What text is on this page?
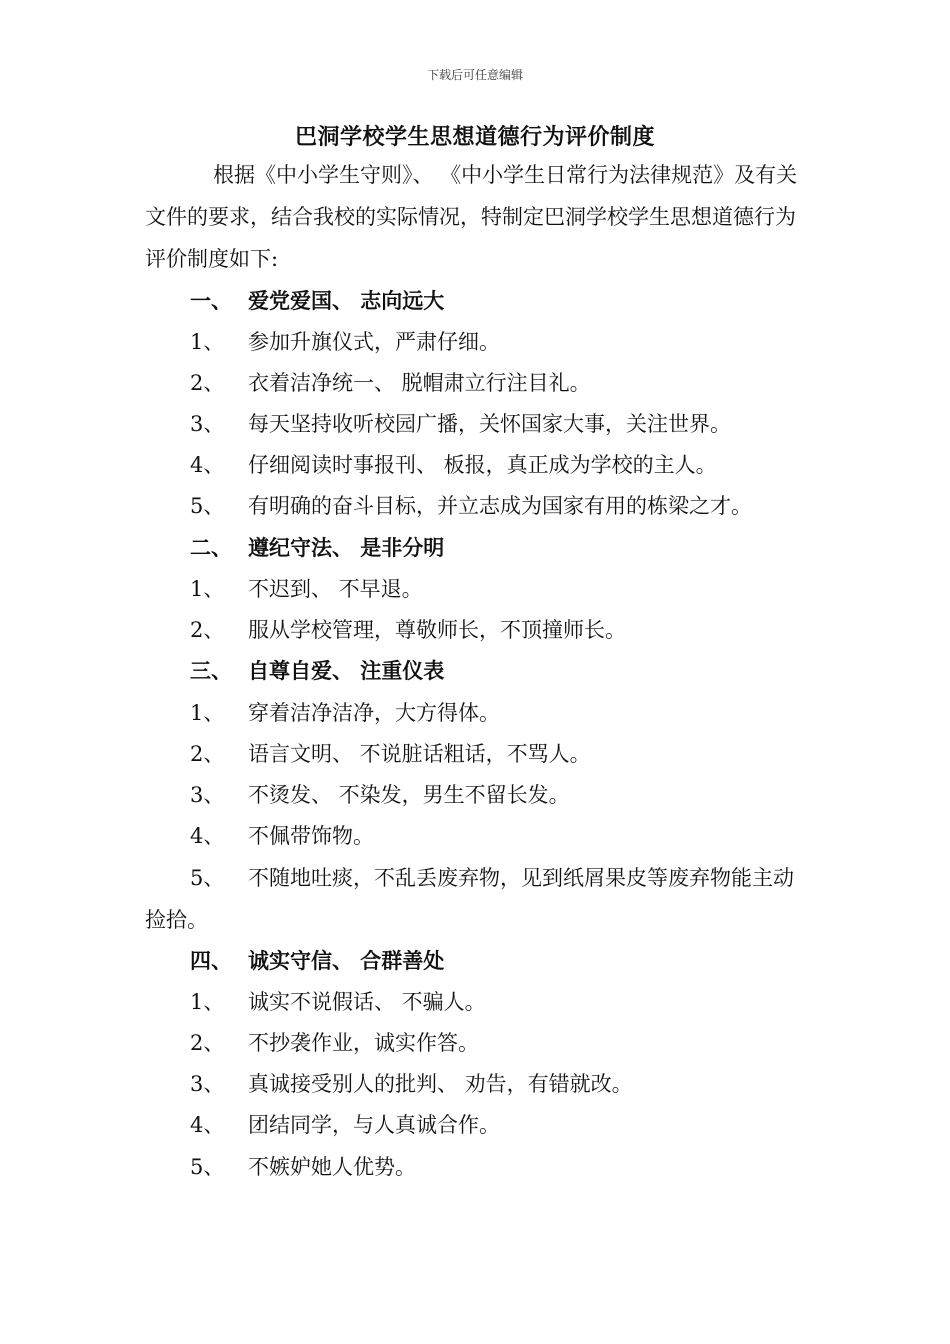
下载后可任意编辑
巴洞学校学生思想道德行为评价制度

根据《中小学生守则》、 《中小学生日常行为法律规范》及有关文件的要求，结合我校的实际情况，特制定巴洞学校学生思想道德行为评价制度如下:

一、 爱党爱国、 志向远大
1、 参加升旗仪式，严肃仔细。
2、 衣着洁净统一、 脱帽肃立行注目礼。
3、 每天坚持收听校园广播，关怀国家大事，关注世界。
4、 仔细阅读时事报刊、 板报，真正成为学校的主人。
5、 有明确的奋斗目标，并立志成为国家有用的栋梁之才。
二、 遵纪守法、 是非分明
1、 不迟到、 不早退。
2、 服从学校管理，尊敬师长，不顶撞师长。
三、 自尊自爱、 注重仪表
1、 穿着洁净洁净，大方得体。
2、 语言文明、 不说脏话粗话，不骂人。
3、 不烫发、 不染发，男生不留长发。
4、 不佩带饰物。
5、 不随地吐痰，不乱丢废弃物，见到纸屑果皮等废弃物能主动捡拾。
四、 诚实守信、 合群善处
1、 诚实不说假话、 不骗人。
2、 不抄袭作业，诚实作答。
3、 真诚接受别人的批判、 劝告，有错就改。
4、 团结同学，与人真诚合作。
5、 不嫉妒她人优势。
